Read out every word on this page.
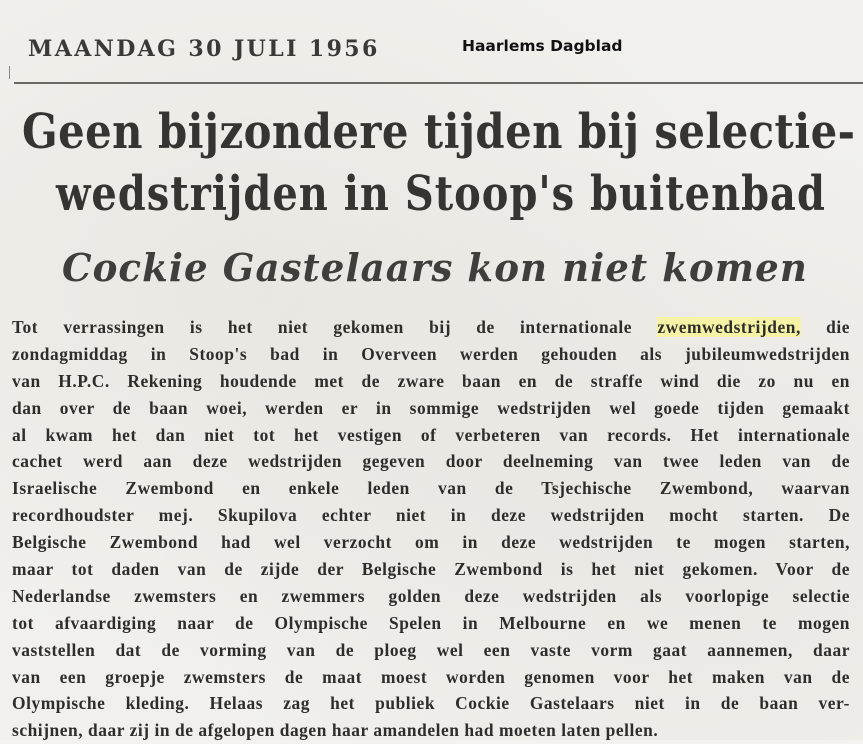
MAANDAG 30 JULI 1956	Haarlems Dagblad
Geen bijzondere tijden bij selectie-
wedstrijden in Stoop's buitenbad
Cockie Gastelaars kon niet komen
Tot verrassingen is het niet gekomen bij de internationale zwemwedstrijden, die
zondagmiddag in Stoop's bad in Overveen werden gehouden als jubileumwedstrijden
van H.P.C. Rekening houdende met de zware baan en de straffe wind die zo nu en
dan over de baan woei, werden er in sommige wedstrijden wel goede tijden gemaakt
al kwam het dan niet tot het vestigen of verbeteren van records. Het internationale
cachet werd aan deze wedstrijden gegeven door deelneming van twee leden van de
Israelische Zwembond en enkele leden van de Tsjechische Zwembond, waarvan
recordhoudster mej. Skupilova echter niet in deze wedstrijden mocht starten. De
Belgische Zwembond had wel verzocht om in deze wedstrijden te mogen starten,
maar tot daden van de zijde der Belgische Zwembond is het niet gekomen. Voor de
Nederlandse zwemsters en zwemmers golden deze wedstrijden als voorlopige selectie
tot afvaardiging naar de Olympische Spelen in Melbourne en we menen te mogen
vaststellen dat de vorming van de ploeg wel een vaste vorm gaat aannemen, daar
van een groepje zwemsters de maat moest worden genomen voor het maken van de
Olympische kleding. Helaas zag het publiek Cockie Gastelaars niet in de baan ver-
schijnen, daar zij in de afgelopen dagen haar amandelen had moeten laten pellen.
